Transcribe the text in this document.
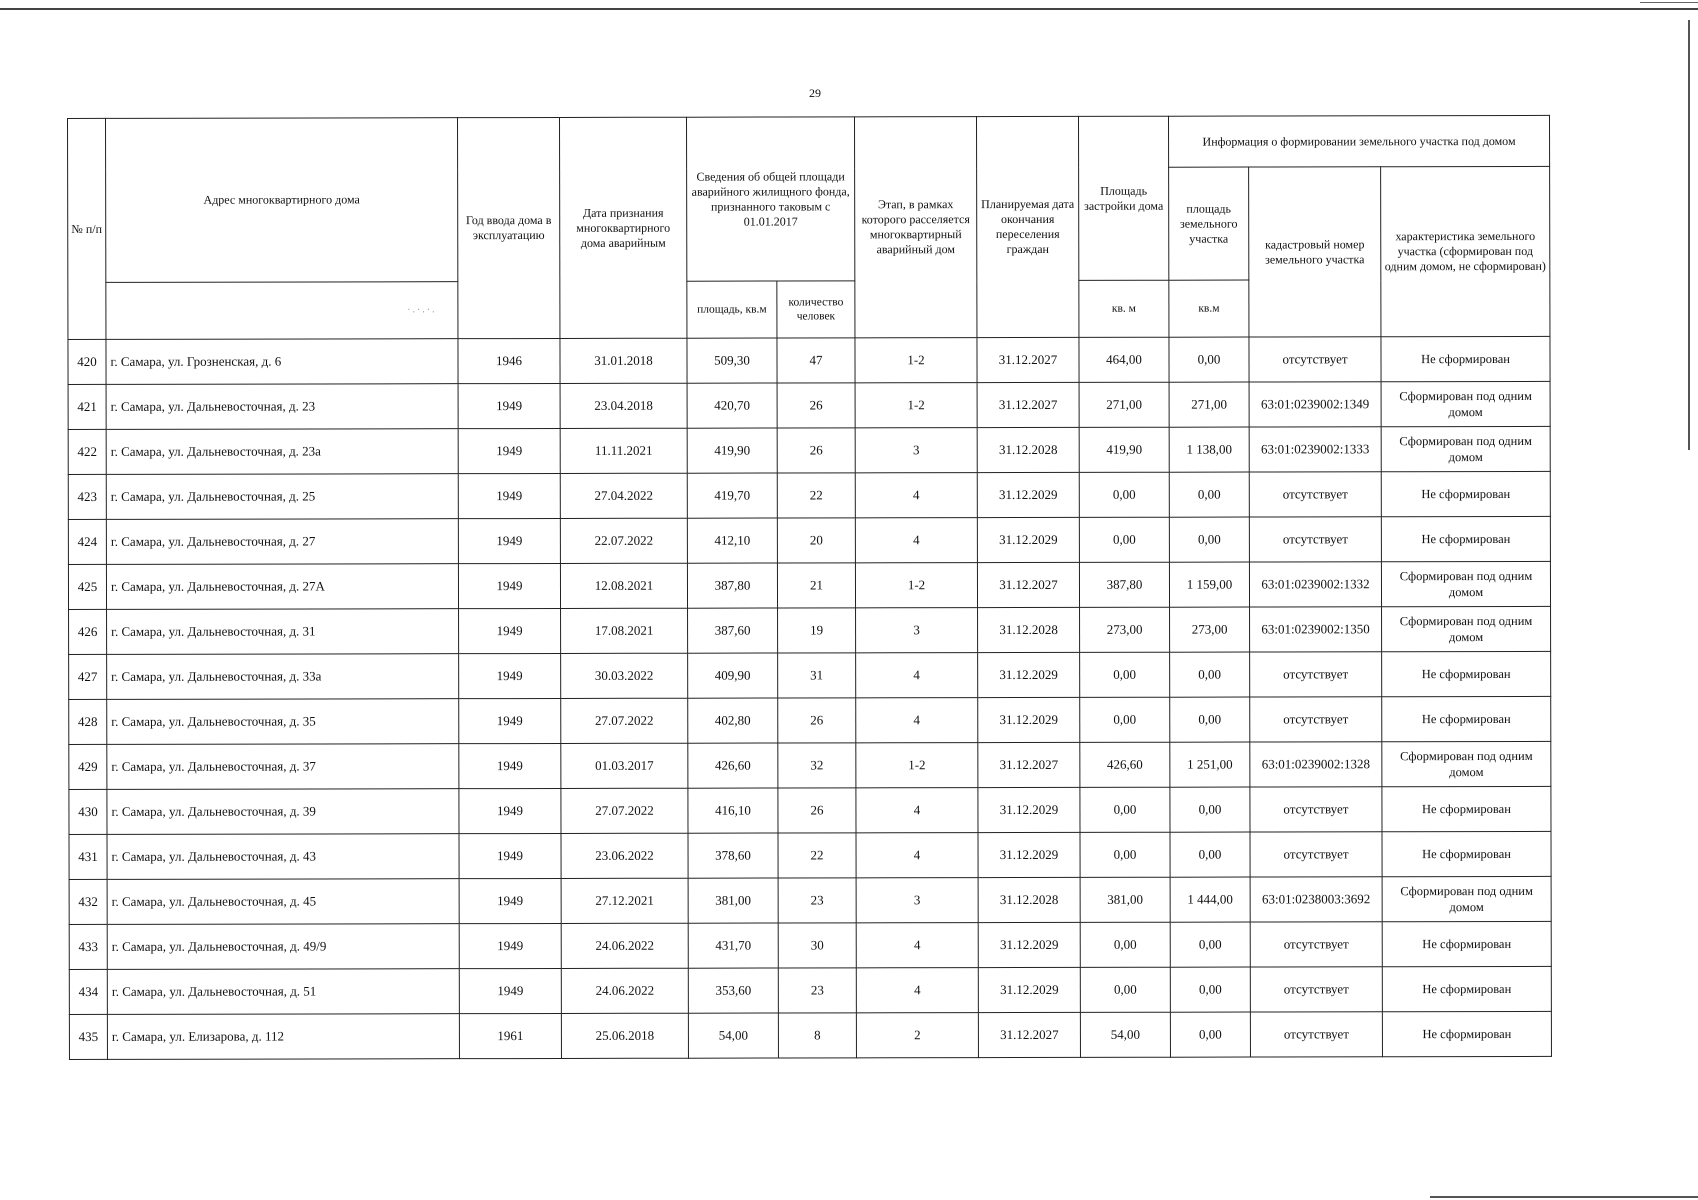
29
№ п/п	Адрес многоквартирного дома	Год ввода дома в эксплуатацию	Дата признания многоквартирного дома аварийным	Сведения об общей площади аварийного жилищного фонда, признанного таковым с 01.01.2017		Этап, в рамках которого расселяется многоквартирный аварийный дом	Планируемая дата окончания переселения граждан	Площадь застройки дома	Информация о формировании земельного участка под домом		
									площадь земельного участка	кадастровый номер земельного участка	характеристика земельного участка (сформирован под одним домом, не сформирован)

	· . · . · .			площадь, кв.м	количество человек			кв. м	кв.м		
420	г. Самара, ул. Грозненская, д. 6	1946	31.01.2018	509,30	47	1-2	31.12.2027	464,00	0,00	отсутствует	Не сформирован
421	г. Самара, ул. Дальневосточная, д. 23	1949	23.04.2018	420,70	26	1-2	31.12.2027	271,00	271,00	63:01:0239002:1349	Сформирован под одним домом
422	г. Самара, ул. Дальневосточная, д. 23а	1949	11.11.2021	419,90	26	3	31.12.2028	419,90	1 138,00	63:01:0239002:1333	Сформирован под одним домом
423	г. Самара, ул. Дальневосточная, д. 25	1949	27.04.2022	419,70	22	4	31.12.2029	0,00	0,00	отсутствует	Не сформирован
424	г. Самара, ул. Дальневосточная, д. 27	1949	22.07.2022	412,10	20	4	31.12.2029	0,00	0,00	отсутствует	Не сформирован
425	г. Самара, ул. Дальневосточная, д. 27А	1949	12.08.2021	387,80	21	1-2	31.12.2027	387,80	1 159,00	63:01:0239002:1332	Сформирован под одним домом
426	г. Самара, ул. Дальневосточная, д. 31	1949	17.08.2021	387,60	19	3	31.12.2028	273,00	273,00	63:01:0239002:1350	Сформирован под одним домом
427	г. Самара, ул. Дальневосточная, д. 33а	1949	30.03.2022	409,90	31	4	31.12.2029	0,00	0,00	отсутствует	Не сформирован
428	г. Самара, ул. Дальневосточная, д. 35	1949	27.07.2022	402,80	26	4	31.12.2029	0,00	0,00	отсутствует	Не сформирован
429	г. Самара, ул. Дальневосточная, д. 37	1949	01.03.2017	426,60	32	1-2	31.12.2027	426,60	1 251,00	63:01:0239002:1328	Сформирован под одним домом
430	г. Самара, ул. Дальневосточная, д. 39	1949	27.07.2022	416,10	26	4	31.12.2029	0,00	0,00	отсутствует	Не сформирован
431	г. Самара, ул. Дальневосточная, д. 43	1949	23.06.2022	378,60	22	4	31.12.2029	0,00	0,00	отсутствует	Не сформирован
432	г. Самара, ул. Дальневосточная, д. 45	1949	27.12.2021	381,00	23	3	31.12.2028	381,00	1 444,00	63:01:0238003:3692	Сформирован под одним домом
433	г. Самара, ул. Дальневосточная, д. 49/9	1949	24.06.2022	431,70	30	4	31.12.2029	0,00	0,00	отсутствует	Не сформирован
434	г. Самара, ул. Дальневосточная, д. 51	1949	24.06.2022	353,60	23	4	31.12.2029	0,00	0,00	отсутствует	Не сформирован
435	г. Самара, ул. Елизарова, д. 112	1961	25.06.2018	54,00	8	2	31.12.2027	54,00	0,00	отсутствует	Не сформирован
